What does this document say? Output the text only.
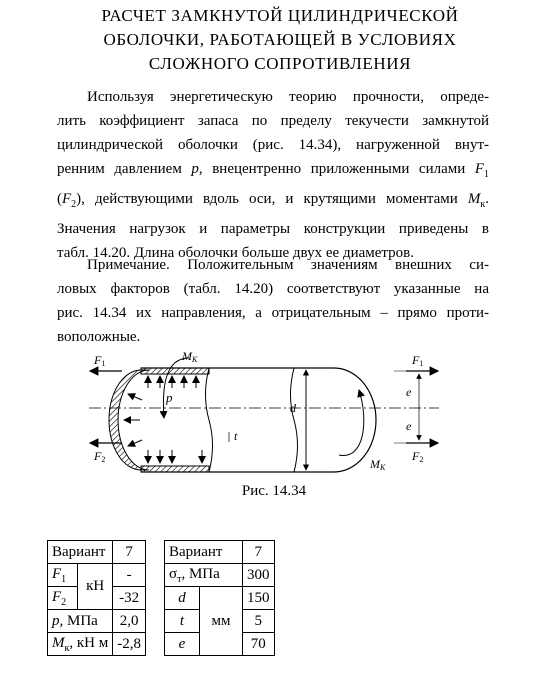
РАСЧЕТ ЗАМКНУТОЙ ЦИЛИНДРИЧЕСКОЙ
ОБОЛОЧКИ, РАБОТАЮЩЕЙ В УСЛОВИЯХ
СЛОЖНОГО СОПРОТИВЛЕНИЯ
Используя энергетическую теорию прочности, опреде-
лить коэффициент запаса по пределу текучести замкнутой
цилиндрической оболочки (рис. 14.34), нагруженной внут-
ренним давлением p, внецентренно приложенными силами $F_1$
$(F_2)$, действующими вдоль оси, и крутящими моментами $M_к$.
Значения нагрузок и параметры конструкции приведены в
табл. 14.20. Длина оболочки больше двух ее диаметров.
Примечание. Положительным значениям внешних си-
ловых факторов (табл. 14.20) соответствуют указанные на
рис. 14.34 их направления, а отрицательным – прямо проти-
воположные.
F1
F2
MK
p
t
d
e
e
F1
F2
MK
Рис. 14.34
Вариант		7
$F_1$	кН	-
$F_2$		-32
p, МПа		2,0
$M_к$, кН м		-2,8
Вариант		7
$\sigma_т$, МПа		300
d	мм	150
t		5
e		70
